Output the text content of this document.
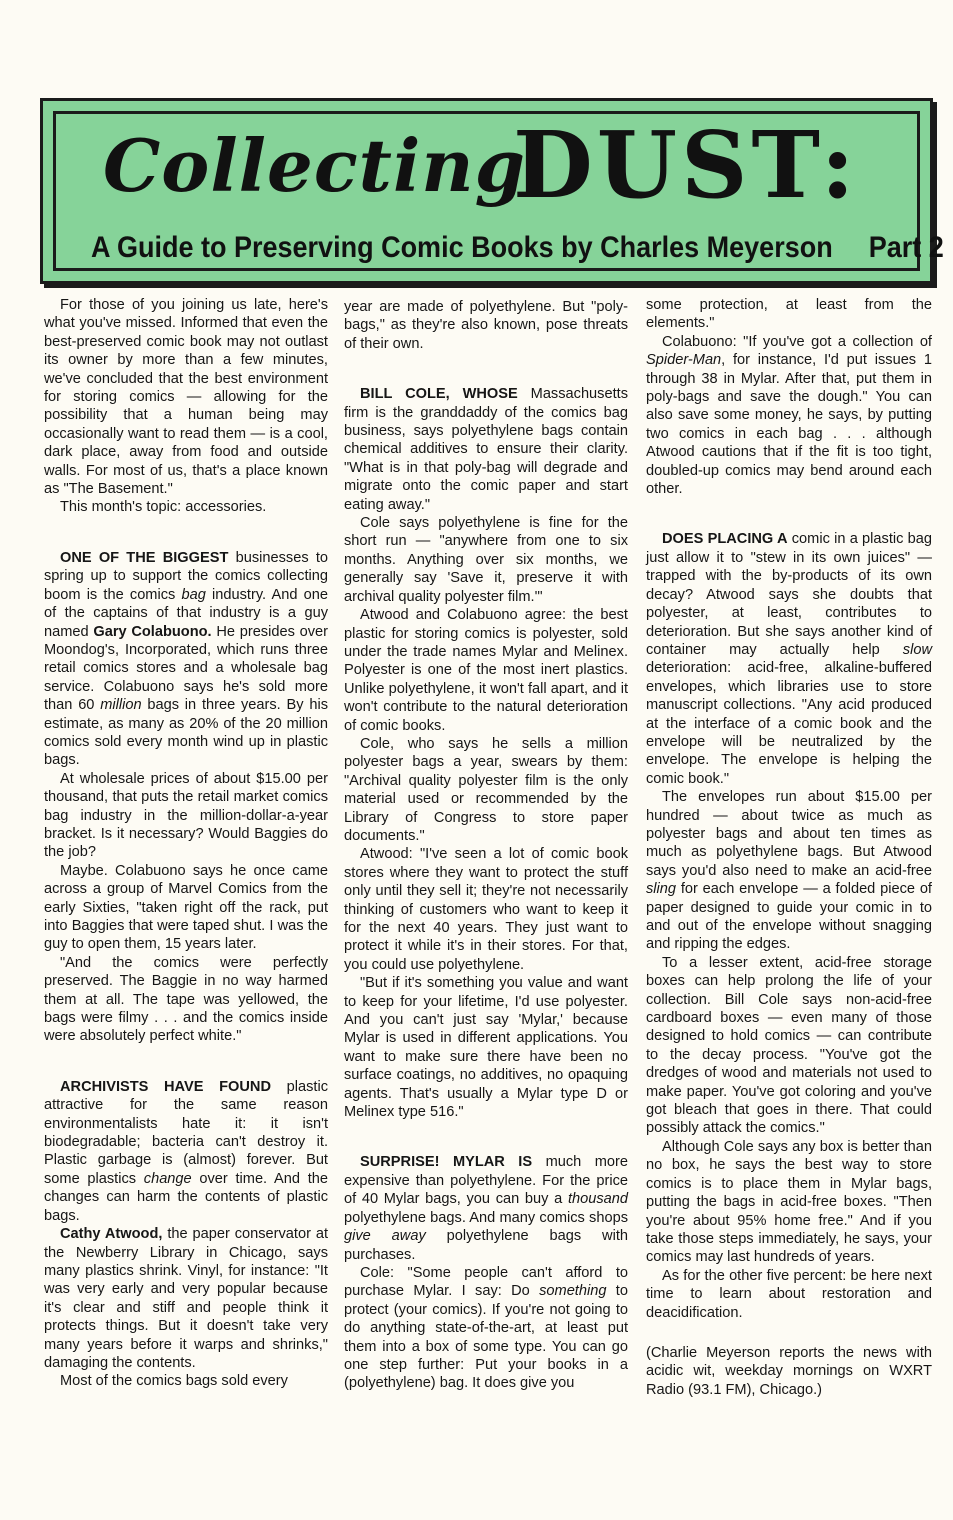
Collecting
DUST:
A Guide to Preserving Comic Books by Charles Meyerson Part 2

For those of you joining us late, here's what you've missed. Informed that even the best-preserved comic book may not outlast its owner by more than a few minutes, we've concluded that the best environment for storing comics — allowing for the possibility that a human being may occasionally want to read them — is a cool, dark place, away from food and outside walls. For most of us, that's a place known as "The Basement."

This month's topic: accessories.

ONE OF THE BIGGEST businesses to spring up to support the comics collecting boom is the comics bag industry. And one of the captains of that industry is a guy named Gary Colabuono. He presides over Moondog's, Incorporated, which runs three retail comics stores and a wholesale bag service. Colabuono says he's sold more than 60 million bags in three years. By his estimate, as many as 20% of the 20 million comics sold every month wind up in plastic bags.

At wholesale prices of about $15.00 per thousand, that puts the retail market comics bag industry in the million-dollar-a-year bracket. Is it necessary? Would Baggies do the job?

Maybe. Colabuono says he once came across a group of Marvel Comics from the early Sixties, "taken right off the rack, put into Baggies that were taped shut. I was the guy to open them, 15 years later.

"And the comics were perfectly preserved. The Baggie in no way harmed them at all. The tape was yellowed, the bags were filmy . . . and the comics inside were absolutely perfect white."

ARCHIVISTS HAVE FOUND plastic attractive for the same reason environmentalists hate it: it isn't biodegradable; bacteria can't destroy it. Plastic garbage is (almost) forever. But some plastics change over time. And the changes can harm the contents of plastic bags.

Cathy Atwood, the paper conservator at the Newberry Library in Chicago, says many plastics shrink. Vinyl, for instance: "It was very early and very popular because it's clear and stiff and people think it protects things. But it doesn't take very many years before it warps and shrinks," damaging the contents.

Most of the comics bags sold every

year are made of polyethylene. But "poly-bags," as they're also known, pose threats of their own.

BILL COLE, WHOSE Massachusetts firm is the granddaddy of the comics bag business, says polyethylene bags contain chemical additives to ensure their clarity. "What is in that poly-bag will degrade and migrate onto the comic paper and start eating away."

Cole says polyethylene is fine for the short run — "anywhere from one to six months. Anything over six months, we generally say 'Save it, preserve it with archival quality polyester film.'"

Atwood and Colabuono agree: the best plastic for storing comics is polyester, sold under the trade names Mylar and Melinex. Polyester is one of the most inert plastics. Unlike polyethylene, it won't fall apart, and it won't contribute to the natural deterioration of comic books.

Cole, who says he sells a million polyester bags a year, swears by them: "Archival quality polyester film is the only material used or recommended by the Library of Congress to store paper documents."

Atwood: "I've seen a lot of comic book stores where they want to protect the stuff only until they sell it; they're not necessarily thinking of customers who want to keep it for the next 40 years. They just want to protect it while it's in their stores. For that, you could use polyethylene.

"But if it's something you value and want to keep for your lifetime, I'd use polyester. And you can't just say 'Mylar,' because Mylar is used in different applications. You want to make sure there have been no surface coatings, no additives, no opaquing agents. That's usually a Mylar type D or Melinex type 516."

SURPRISE! MYLAR IS much more expensive than polyethylene. For the price of 40 Mylar bags, you can buy a thousand polyethylene bags. And many comics shops give away polyethylene bags with purchases.

Cole: "Some people can't afford to purchase Mylar. I say: Do something to protect (your comics). If you're not going to do anything state-of-the-art, at least put them into a box of some type. You can go one step further: Put your books in a (polyethylene) bag. It does give you

some protection, at least from the elements."

Colabuono: "If you've got a collection of Spider-Man, for instance, I'd put issues 1 through 38 in Mylar. After that, put them in poly-bags and save the dough." You can also save some money, he says, by putting two comics in each bag . . . although Atwood cautions that if the fit is too tight, doubled-up comics may bend around each other.

DOES PLACING A comic in a plastic bag just allow it to "stew in its own juices" — trapped with the by-products of its own decay? Atwood says she doubts that polyester, at least, contributes to deterioration. But she says another kind of container may actually help slow deterioration: acid-free, alkaline-buffered envelopes, which libraries use to store manuscript collections. "Any acid produced at the interface of a comic book and the envelope will be neutralized by the envelope. The envelope is helping the comic book."

The envelopes run about $15.00 per hundred — about twice as much as polyester bags and about ten times as much as polyethylene bags. But Atwood says you'd also need to make an acid-free sling for each envelope — a folded piece of paper designed to guide your comic in to and out of the envelope without snagging and ripping the edges.

To a lesser extent, acid-free storage boxes can help prolong the life of your collection. Bill Cole says non-acid-free cardboard boxes — even many of those designed to hold comics — can contribute to the decay process. "You've got the dredges of wood and materials not used to make paper. You've got coloring and you've got bleach that goes in there. That could possibly attack the comics."

Although Cole says any box is better than no box, he says the best way to store comics is to place them in Mylar bags, putting the bags in acid-free boxes. "Then you're about 95% home free." And if you take those steps immediately, he says, your comics may last hundreds of years.

As for the other five percent: be here next time to learn about restoration and deacidification.

(Charlie Meyerson reports the news with acidic wit, weekday mornings on WXRT Radio (93.1 FM), Chicago.)
